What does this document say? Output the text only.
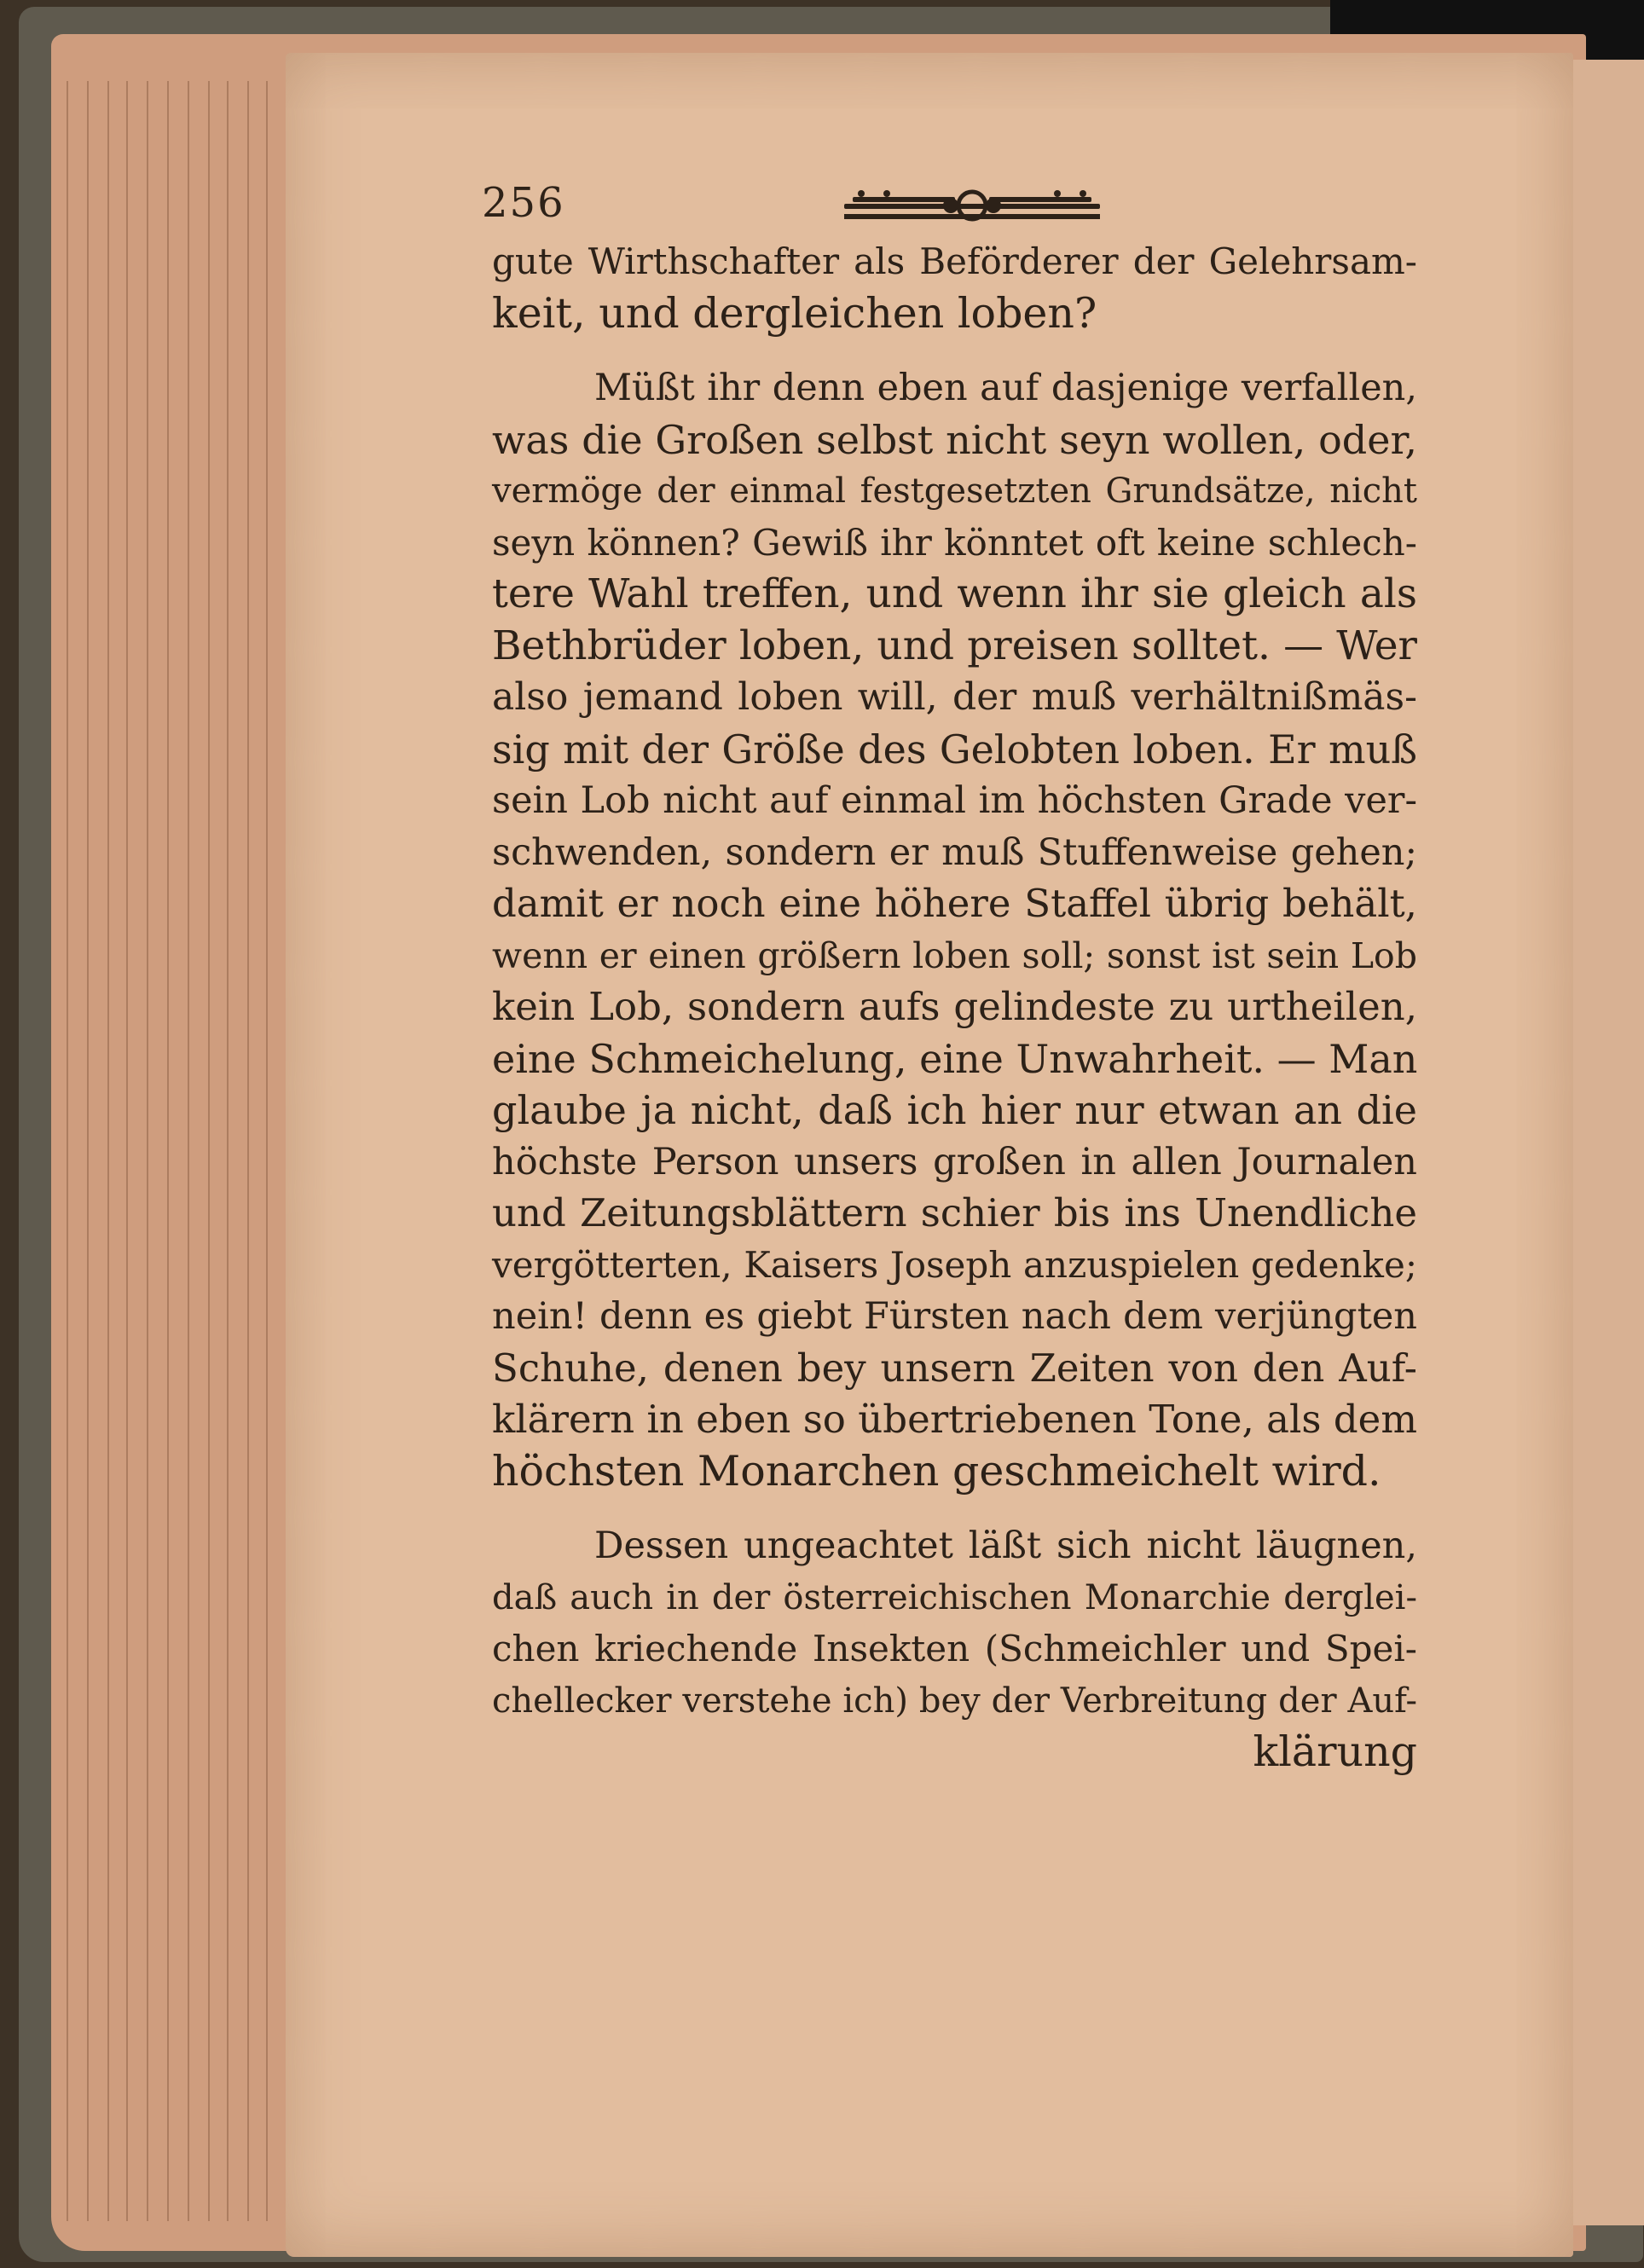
256

gute Wirthschafter als Beförderer der Gelehrsam-
keit, und dergleichen loben?

Müßt ihr denn eben auf dasjenige verfallen,
was die Großen selbst nicht seyn wollen, oder,
vermöge der einmal festgesetzten Grundsätze, nicht
seyn können? Gewiß ihr könntet oft keine schlech-
tere Wahl treffen, und wenn ihr sie gleich als
Bethbrüder loben, und preisen solltet. — Wer
also jemand loben will, der muß verhältnißmäs-
sig mit der Größe des Gelobten loben. Er muß
sein Lob nicht auf einmal im höchsten Grade ver-
schwenden, sondern er muß Stuffenweise gehen;
damit er noch eine höhere Staffel übrig behält,
wenn er einen größern loben soll; sonst ist sein Lob
kein Lob, sondern aufs gelindeste zu urtheilen,
eine Schmeichelung, eine Unwahrheit. — Man
glaube ja nicht, daß ich hier nur etwan an die
höchste Person unsers großen in allen Journalen
und Zeitungsblättern schier bis ins Unendliche
vergötterten, Kaisers Joseph anzuspielen gedenke;
nein! denn es giebt Fürsten nach dem verjüngten
Schuhe, denen bey unsern Zeiten von den Auf-
klärern in eben so übertriebenen Tone, als dem
höchsten Monarchen geschmeichelt wird.

Dessen ungeachtet läßt sich nicht läugnen,
daß auch in der österreichischen Monarchie derglei-
chen kriechende Insekten (Schmeichler und Spei-
chellecker verstehe ich) bey der Verbreitung der Auf-
klärung
